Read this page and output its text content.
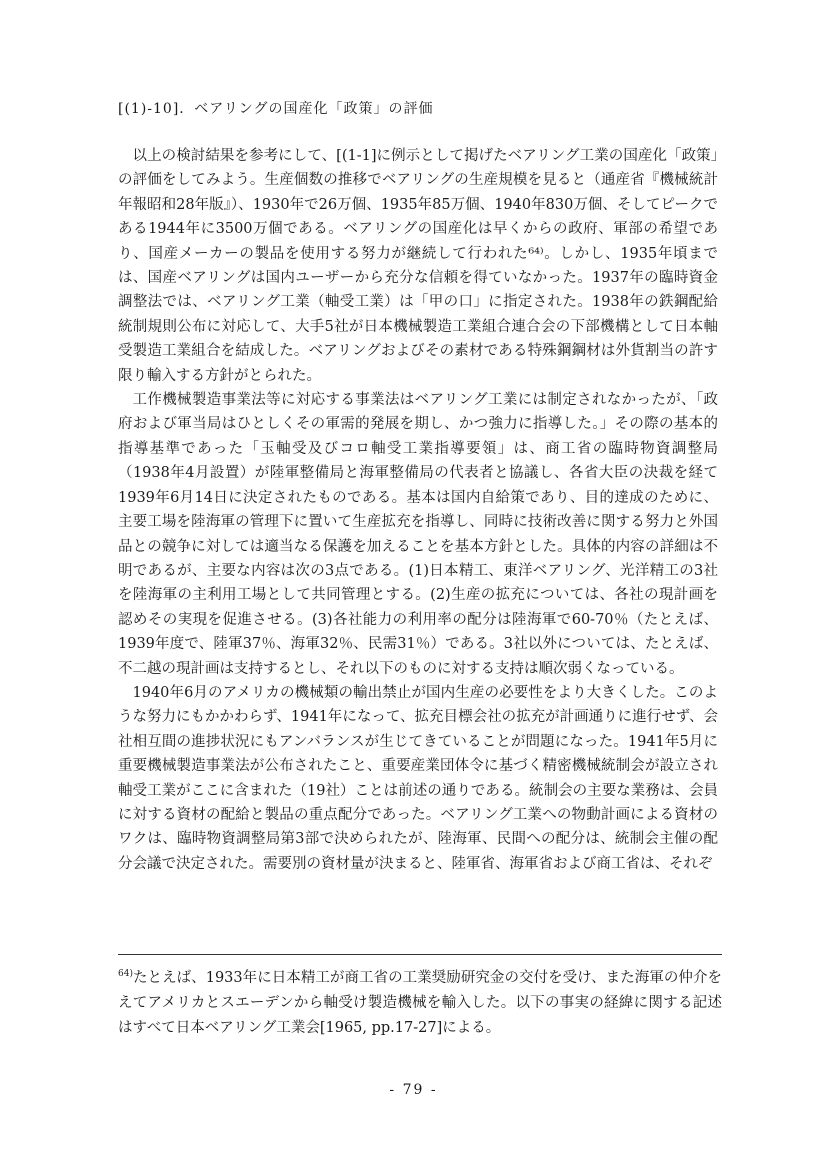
[(1)-10]．ベアリングの国産化「政策」の評価

以上の検討結果を参考にして、[(1-1]に例示として掲げたベアリング工業の国産化「政策」の評価をしてみよう。生産個数の推移でベアリングの生産規模を見ると（通産省『機械統計年報昭和28年版』）、1930年で26万個、1935年85万個、1940年830万個、そしてピークである1944年に3500万個である。ベアリングの国産化は早くからの政府、軍部の希望であり、国産メーカーの製品を使用する努力が継続して行われた⁶⁴⁾。しかし、1935年頃までは、国産ベアリングは国内ユーザーから充分な信頼を得ていなかった。1937年の臨時資金調整法では、ベアリング工業（軸受工業）は「甲の口」に指定された。1938年の鉄鋼配給統制規則公布に対応して、大手5社が日本機械製造工業組合連合会の下部機構として日本軸受製造工業組合を結成した。ベアリングおよびその素材である特殊鋼鋼材は外貨割当の許す限り輸入する方針がとられた。

工作機械製造事業法等に対応する事業法はベアリング工業には制定されなかったが、「政府および軍当局はひとしくその軍需的発展を期し、かつ強力に指導した。」その際の基本的指導基準であった「玉軸受及びコロ軸受工業指導要領」は、商工省の臨時物資調整局（1938年4月設置）が陸軍整備局と海軍整備局の代表者と協議し、各省大臣の決裁を経て1939年6月14日に決定されたものである。基本は国内自給策であり、目的達成のために、主要工場を陸海軍の管理下に置いて生産拡充を指導し、同時に技術改善に関する努力と外国品との競争に対しては適当なる保護を加えることを基本方針とした。具体的内容の詳細は不明であるが、主要な内容は次の3点である。(1)日本精工、東洋ベアリング、光洋精工の3社を陸海軍の主利用工場として共同管理とする。(2)生産の拡充については、各社の現計画を認めその実現を促進させる。(3)各社能力の利用率の配分は陸海軍で60-70％（たとえば、1939年度で、陸軍37％、海軍32％、民需31％）である。3社以外については、たとえば、不二越の現計画は支持するとし、それ以下のものに対する支持は順次弱くなっている。

1940年6月のアメリカの機械類の輸出禁止が国内生産の必要性をより大きくした。このような努力にもかかわらず、1941年になって、拡充目標会社の拡充が計画通りに進行せず、会社相互間の進捗状況にもアンバランスが生じてきていることが問題になった。1941年5月に重要機械製造事業法が公布されたこと、重要産業団体令に基づく精密機械統制会が設立され軸受工業がここに含まれた（19社）ことは前述の通りである。統制会の主要な業務は、会員に対する資材の配給と製品の重点配分であった。ベアリング工業への物動計画による資材のワクは、臨時物資調整局第3部で決められたが、陸海軍、民間への配分は、統制会主催の配分会議で決定された。需要別の資材量が決まると、陸軍省、海軍省および商工省は、それぞ

$^{64)}$たとえば、1933年に日本精工が商工省の工業奨励研究金の交付を受け、また海軍の仲介をえてアメリカとスエーデンから軸受け製造機械を輸入した。以下の事実の経緯に関する記述はすべて日本ベアリング工業会[1965, pp.17-27]による。
- 79 -
